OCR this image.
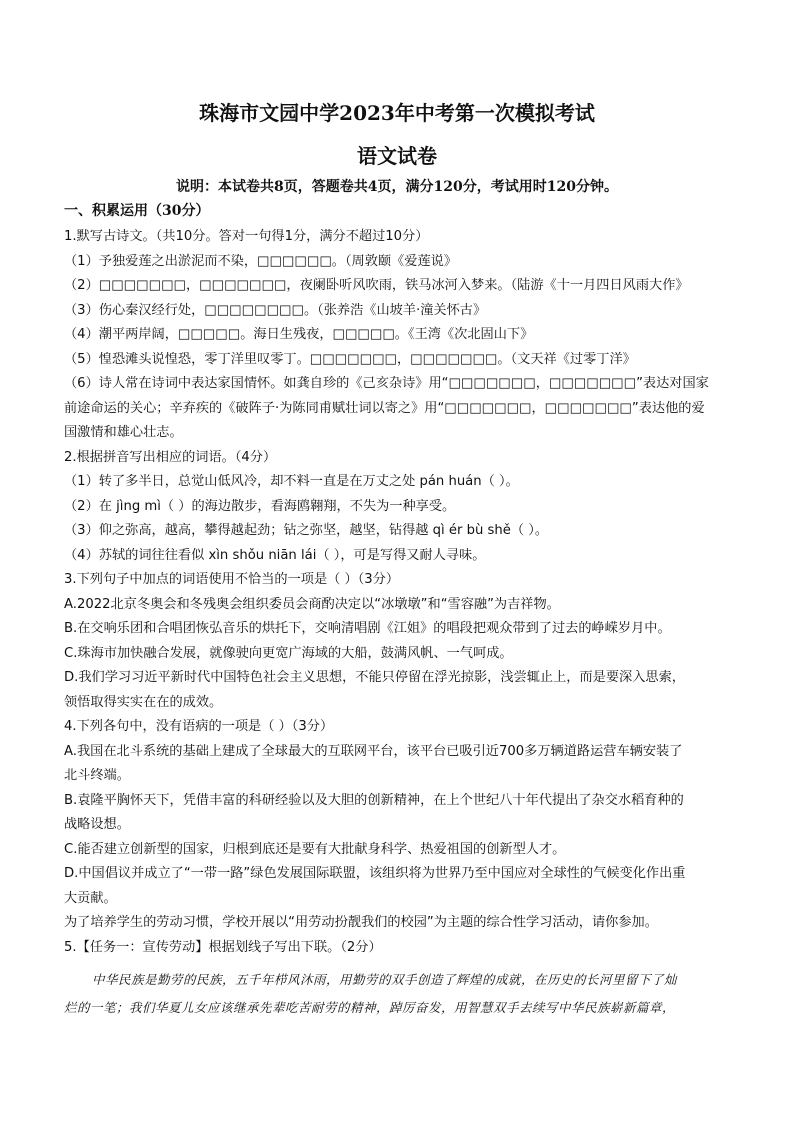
珠海市文园中学2023年中考第一次模拟考试
语文试卷
说明：本试卷共8页，答题卷共4页，满分120分，考试用时120分钟。
一、积累运用（30分）
1.默写古诗文。（共10分。答对一句得1分，满分不超过10分）
（1）予独爱莲之出淤泥而不染，□□□□□□。（周敦颐《爱莲说》
（2）□□□□□□□，□□□□□□□，夜阑卧听风吹雨，铁马冰河入梦来。（陆游《十一月四日风雨大作》
（3）伤心秦汉经行处，□□□□□□□□。（张养浩《山坡羊·潼关怀古》
（4）潮平两岸阔，□□□□□。海日生残夜，□□□□□。《王湾《次北固山下》
（5）惶恐滩头说惶恐，零丁洋里叹零丁。□□□□□□□，□□□□□□□。（文天祥《过零丁洋》
（6）诗人常在诗词中表达家国情怀。如龚自珍的《己亥杂诗》用“□□□□□□□，□□□□□□□”表达对国家
前途命运的关心；辛弃疾的《破阵子·为陈同甫赋壮词以寄之》用“□□□□□□□，□□□□□□□”表达他的爱
国激情和雄心壮志。
2.根据拼音写出相应的词语。（4分）
（1）转了多半日，总觉山低风冷，却不料一直是在万丈之处 pán huán（ ）。
（2）在 jìng mì（ ）的海边散步，看海鸥翱翔，不失为一种享受。
（3）仰之弥高，越高，攀得越起劲；钻之弥坚，越坚，钻得越 qì ér bù shě（ ）。
（4）苏轼的词往往看似 xìn shǒu niān lái（ ），可是写得又耐人寻味。
3.下列句子中加点的词语使用不恰当的一项是（ ）（3分）
A.2022北京冬奥会和冬残奥会组织委员会商酌决定以“冰墩墩”和“雪容融”为吉祥物。
B.在交响乐团和合唱团恢弘音乐的烘托下，交响清唱剧《江姐》的唱段把观众带到了过去的峥嵘岁月中。
C.珠海市加快融合发展，就像驶向更宽广海域的大船，鼓满风帆、一气呵成。
D.我们学习习近平新时代中国特色社会主义思想，不能只停留在浮光掠影，浅尝辄止上，而是要深入思索，
领悟取得实实在在的成效。
4.下列各句中，没有语病的一项是（ ）（3分）
A.我国在北斗系统的基础上建成了全球最大的互联网平台，该平台已吸引近700多万辆道路运营车辆安装了
北斗终端。
B.袁隆平胸怀天下，凭借丰富的科研经验以及大胆的创新精神，在上个世纪八十年代提出了杂交水稻育种的
战略设想。
C.能否建立创新型的国家，归根到底还是要有大批献身科学、热爱祖国的创新型人才。
D.中国倡议并成立了“一带一路”绿色发展国际联盟，该组织将为世界乃至中国应对全球性的气候变化作出重
大贡献。
为了培养学生的劳动习惯，学校开展以“用劳动扮靓我们的校园”为主题的综合性学习活动，请你参加。
5.【任务一：宣传劳动】根据划线子写出下联。（2分）
中华民族是勤劳的民族，五千年栉风沐雨，用勤劳的双手创造了辉煌的成就，在历史的长河里留下了灿
烂的一笔；我们华夏儿女应该继承先辈吃苦耐劳的精神，踔厉奋发，用智慧双手去续写中华民族崭新篇章，
